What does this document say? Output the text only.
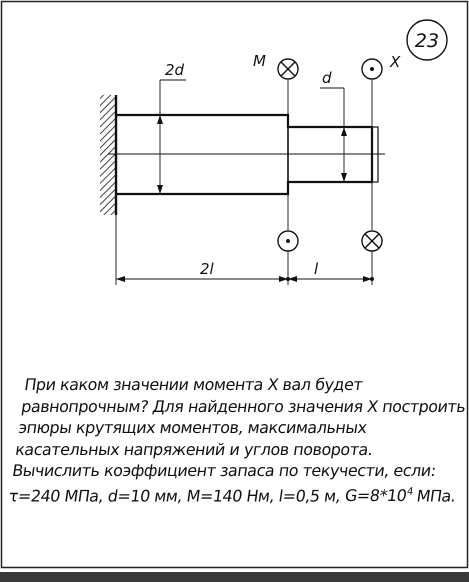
23
2d	d
M	X
2l	l
При каком значении момента X вал будет
равнопрочным? Для найденного значения X построить
эпюры крутящих моментов, максимальных
касательных напряжений и углов поворота.
Вычислить коэффициент запаса по текучести, если:
τ=240 МПа, d=10 мм, M=140 Нм, l=0,5 м, $G=8*10^4$ МПа.
